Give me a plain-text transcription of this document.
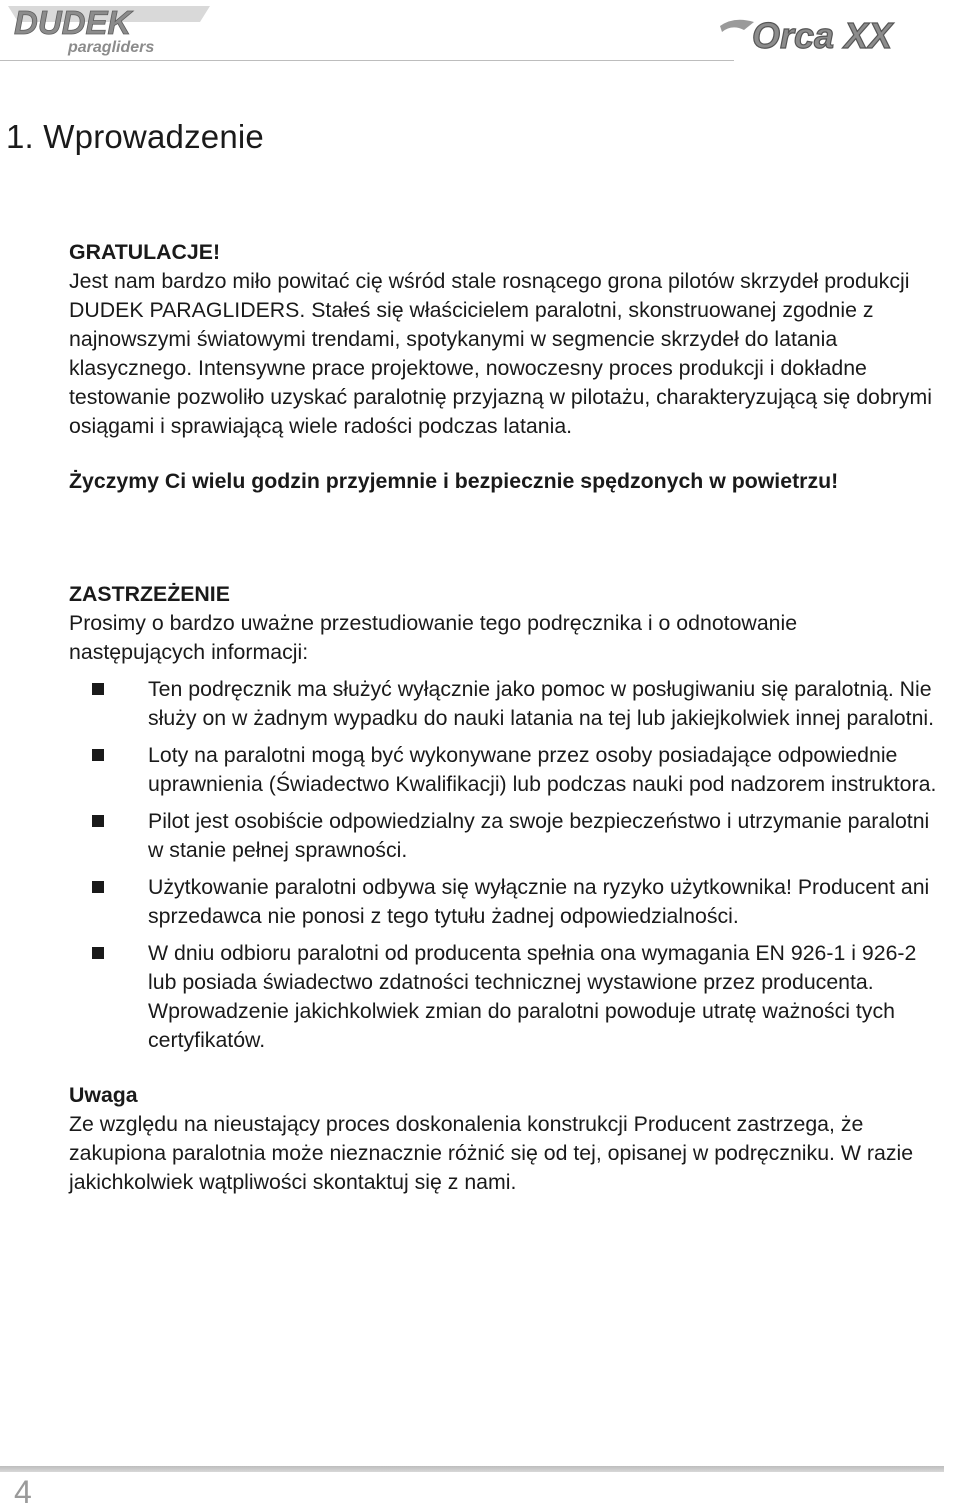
DUDEK
paragliders	Orca XX
1. Wprowadzenie

GRATULACJE!

Jest nam bardzo miło powitać cię wśród stale rosnącego grona pilotów skrzydeł produkcji DUDEK PARAGLIDERS. Stałeś się właścicielem paralotni, skonstruowanej zgodnie z najnowszymi światowymi trendami, spotykanymi w segmencie skrzydeł do latania klasycznego. Intensywne prace projektowe, nowoczesny proces produkcji i dokładne testowanie pozwoliło uzyskać paralotnię przyjazną w pilotażu, charakteryzującą się dobrymi osiągami i sprawiającą wiele radości podczas latania.

Życzymy Ci wielu godzin przyjemnie i bezpiecznie spędzonych w powietrzu!

ZASTRZEŻENIE

Prosimy o bardzo uważne przestudiowanie tego podręcznika i o odnotowanie następujących informacji:

Ten podręcznik ma służyć wyłącznie jako pomoc w posługiwaniu się paralotnią. Nie służy on w żadnym wypadku do nauki latania na tej lub jakiejkolwiek innej paralotni.
Loty na paralotni mogą być wykonywane przez osoby posiadające odpowiednie uprawnienia (Świadectwo Kwalifikacji) lub podczas nauki pod nadzorem instruktora.
Pilot jest osobiście odpowiedzialny za swoje bezpieczeństwo i utrzymanie paralotni w stanie pełnej sprawności.
Użytkowanie paralotni odbywa się wyłącznie na ryzyko użytkownika! Producent ani sprzedawca nie ponosi z tego tytułu żadnej odpowiedzialności.
W dniu odbioru paralotni od producenta spełnia ona wymagania EN 926-1 i 926-2 lub posiada świadectwo zdatności technicznej wystawione przez producenta. Wprowadzenie jakichkolwiek zmian do paralotni powoduje utratę ważności tych certyfikatów.

Uwaga

Ze względu na nieustający proces doskonalenia konstrukcji Producent zastrzega, że zakupiona paralotnia może nieznacznie różnić się od tej, opisanej w podręczniku. W razie jakichkolwiek wątpliwości skontaktuj się z nami.

4
